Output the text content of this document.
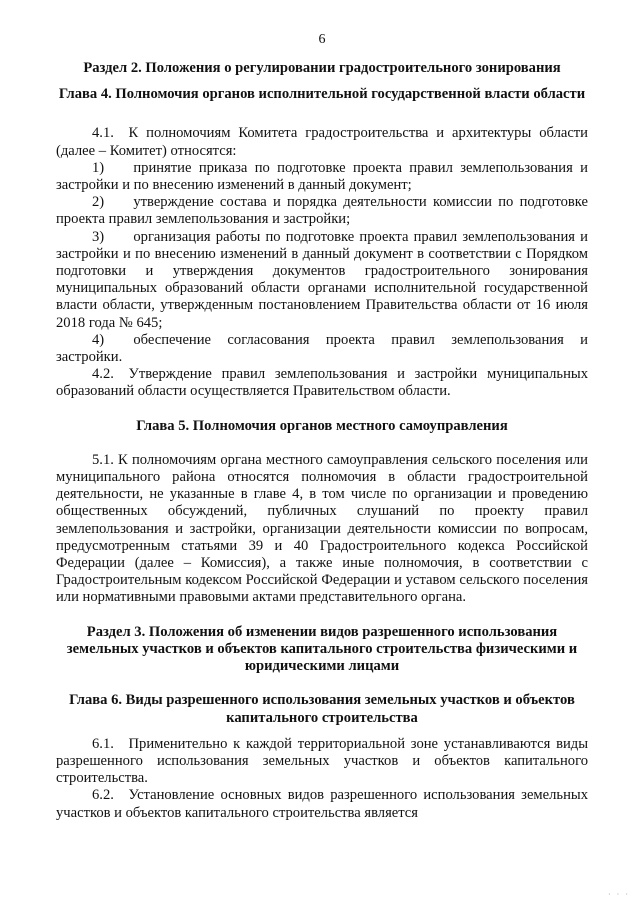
6

Раздел 2. Положения о регулировании градостроительного зонирования

Глава 4. Полномочия органов исполнительной государственной власти области

4.1. К полномочиям Комитета градостроительства и архитектуры области (далее – Комитет) относятся:

1)  принятие приказа по подготовке проекта правил землепользования и застройки и по внесению изменений в данный документ;

2)  утверждение состава и порядка деятельности комиссии по подготовке проекта правил землепользования и застройки;

3)  организация работы по подготовке проекта правил землепользования и застройки и по внесению изменений в данный документ в соответствии с Порядком подготовки и утверждения документов градостроительного зонирования муниципальных образований области органами исполнительной государственной власти области, утвержденным постановлением Правительства области от 16 июля 2018 года № 645;

4)  обеспечение согласования проекта правил землепользования и застройки.

4.2. Утверждение правил землепользования и застройки муниципальных образований области осуществляется Правительством области.

Глава 5. Полномочия органов местного самоуправления

5.1. К полномочиям органа местного самоуправления сельского поселения или муниципального района относятся полномочия в области градостроительной деятельности, не указанные в главе 4, в том числе по организации и проведению общественных обсуждений, публичных слушаний по проекту правил землепользования и застройки, организации деятельности комиссии по вопросам, предусмотренным статьями 39 и 40 Градостроительного кодекса Российской Федерации (далее – Комиссия), а также иные полномочия, в соответствии с Градостроительным кодексом Российской Федерации и уставом сельского поселения или нормативными правовыми актами представительного органа.

Раздел 3. Положения об изменении видов разрешенного использования земельных участков и объектов капитального строительства физическими и юридическими лицами

Глава 6. Виды разрешенного использования земельных участков и объектов капитального строительства

6.1. Применительно к каждой территориальной зоне устанавливаются виды разрешенного использования земельных участков и объектов капитального строительства.

6.2. Установление основных видов разрешенного использования земельных участков и объектов капитального строительства является

· · ·
